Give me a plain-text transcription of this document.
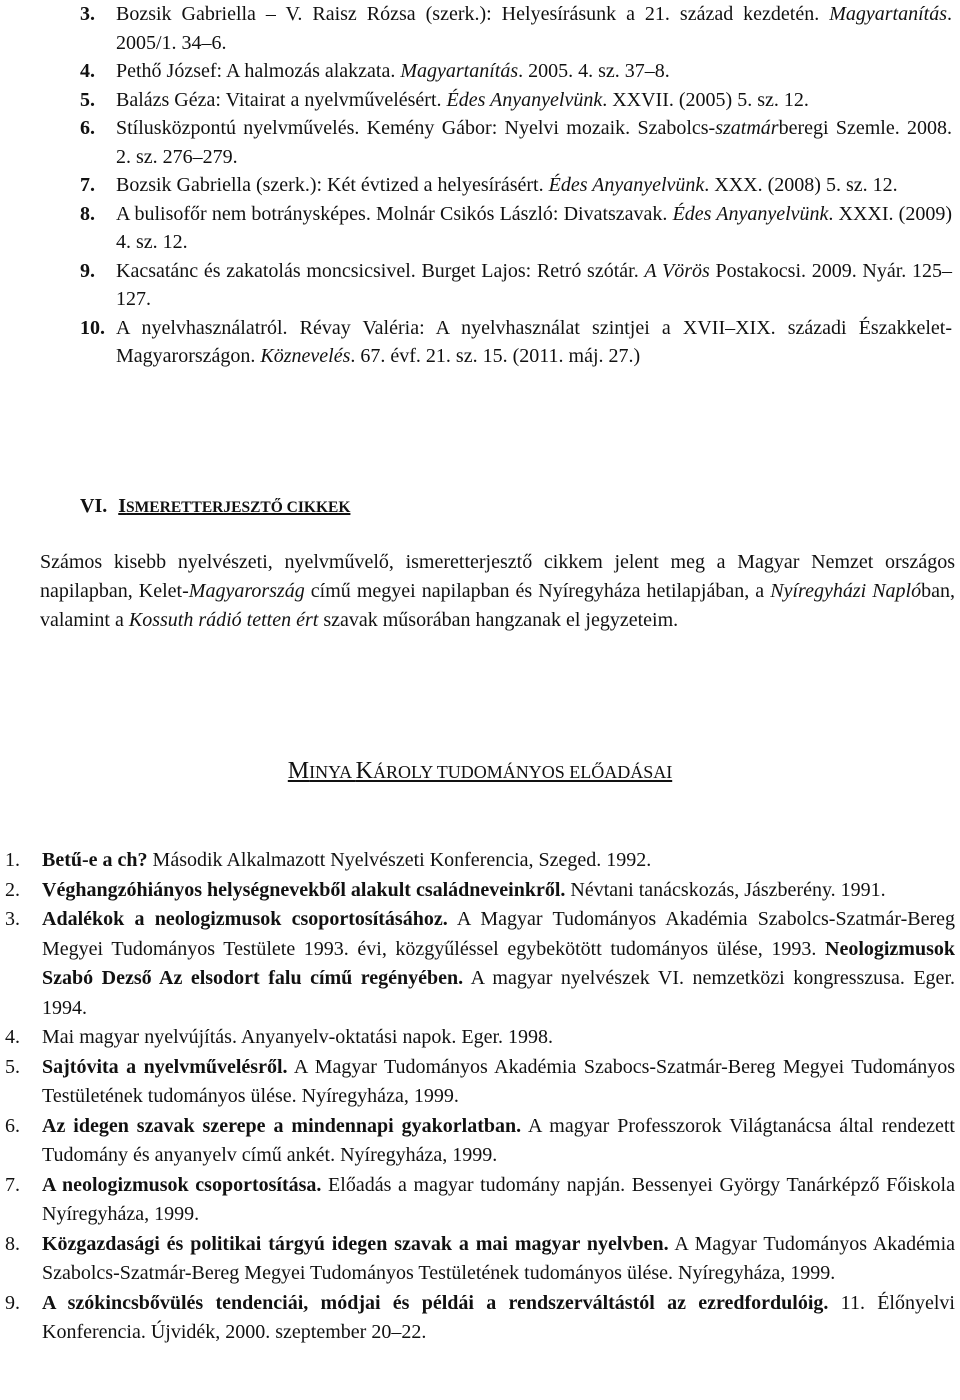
3. Bozsik Gabriella – V. Raisz Rózsa (szerk.): Helyesírásunk a 21. század kezdetén. Magyartanítás. 2005/1. 34–6.
4. Pethő József: A halmozás alakzata. Magyartanítás. 2005. 4. sz. 37–8.
5. Balázs Géza: Vitairat a nyelvművelésért. Édes Anyanyelvünk. XXVII. (2005) 5. sz. 12.
6. Stílusközpontú nyelvművelés. Kemény Gábor: Nyelvi mozaik. Szabolcs-szatmárberegi Szemle. 2008. 2. sz. 276–279.
7. Bozsik Gabriella (szerk.): Két évtized a helyesírásért. Édes Anyanyelvünk. XXX. (2008) 5. sz. 12.
8. A bulisofőr nem botránysképes. Molnár Csikós László: Divatszavak. Édes Anyanyelvünk. XXXI. (2009) 4. sz. 12.
9. Kacsatánc és zakatolás moncsicsivel. Burget Lajos: Retró szótár. A Vörös Postakocsi. 2009. Nyár. 125–127.
10. A nyelvhasználatról. Révay Valéria: A nyelvhasználat szintjei a XVII–XIX. századi Északkelet-Magyarországon. Köznevelés. 67. évf. 21. sz. 15. (2011. máj. 27.)
VI. ISMERETTERJESZTŐ CIKKEK
Számos kisebb nyelvészeti, nyelvművelő, ismeretterjesztő cikkem jelent meg a Magyar Nemzet országos napilapban, Kelet-Magyarország című megyei napilapban és Nyíregyháza hetilapjában, a Nyíregyházi Naplóban, valamint a Kossuth rádió tetten ért szavak műsorában hangzanak el jegyzeteim.
MINYA KÁROLY TUDOMÁNYOS ELŐADÁSAI
1. Betű-e a ch? Második Alkalmazott Nyelvészeti Konferencia, Szeged. 1992.
2. Véghangzóhiányos helységnevekből alakult családneveinkről. Névtani tanácskozás, Jászberény. 1991.
3. Adalékok a neologizmusok csoportosításához. A Magyar Tudományos Akadémia Szabolcs-Szatmár-Bereg Megyei Tudományos Testülete 1993. évi, közgyűléssel egybekötött tudományos ülése, 1993. Neologizmusok Szabó Dezső Az elsodort falu című regényében. A magyar nyelvészek VI. nemzetközi kongresszusa. Eger. 1994.
4. Mai magyar nyelvújítás. Anyanyelv-oktatási napok. Eger. 1998.
5. Sajtóvita a nyelvművelésről. A Magyar Tudományos Akadémia Szabocs-Szatmár-Bereg Megyei Tudományos Testületének tudományos ülése. Nyíregyháza, 1999.
6. Az idegen szavak szerepe a mindennapi gyakorlatban. A magyar Professzorok Világtanácsa által rendezett Tudomány és anyanyelv című ankét. Nyíregyháza, 1999.
7. A neologizmusok csoportosítása. Előadás a magyar tudomány napján. Bessenyei György Tanárképző Főiskola Nyíregyháza, 1999.
8. Közgazdasági és politikai tárgyú idegen szavak a mai magyar nyelvben. A Magyar Tudományos Akadémia Szabolcs-Szatmár-Bereg Megyei Tudományos Testületének tudományos ülése. Nyíregyháza, 1999.
9. A szókincsbővülés tendenciái, módjai és példái a rendszerváltástól az ezredfordulóig. 11. Élőnyelvi Konferencia. Újvidék, 2000. szeptember 20–22.
